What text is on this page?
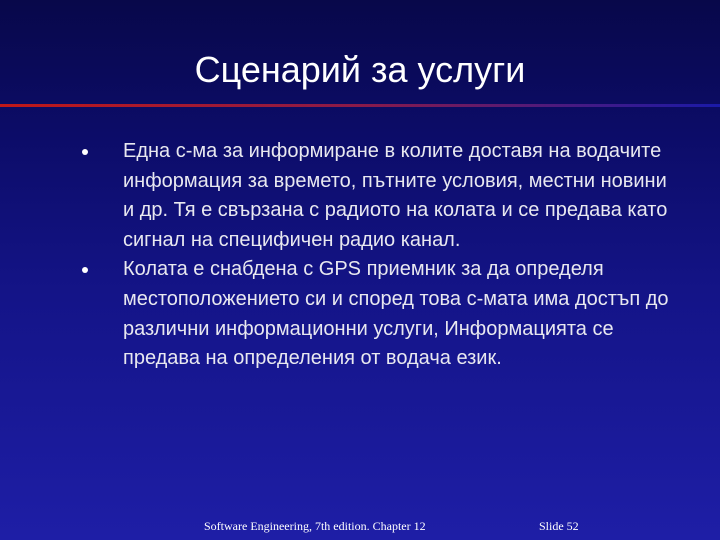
Сценарий за услуги
Една с-ма за информиране в колите доставя на водачите информация за времето, пътните условия, местни новини и др. Тя е свързана с радиото на колата и се предава като сигнал на специфичен радио канал.
Колата е снабдена с GPS приемник за да определя местоположението си и според това с-мата има достъп до различни информационни услуги, Информацията се предава на определения от водача език.
Software Engineering, 7th edition. Chapter 12	Slide 52
